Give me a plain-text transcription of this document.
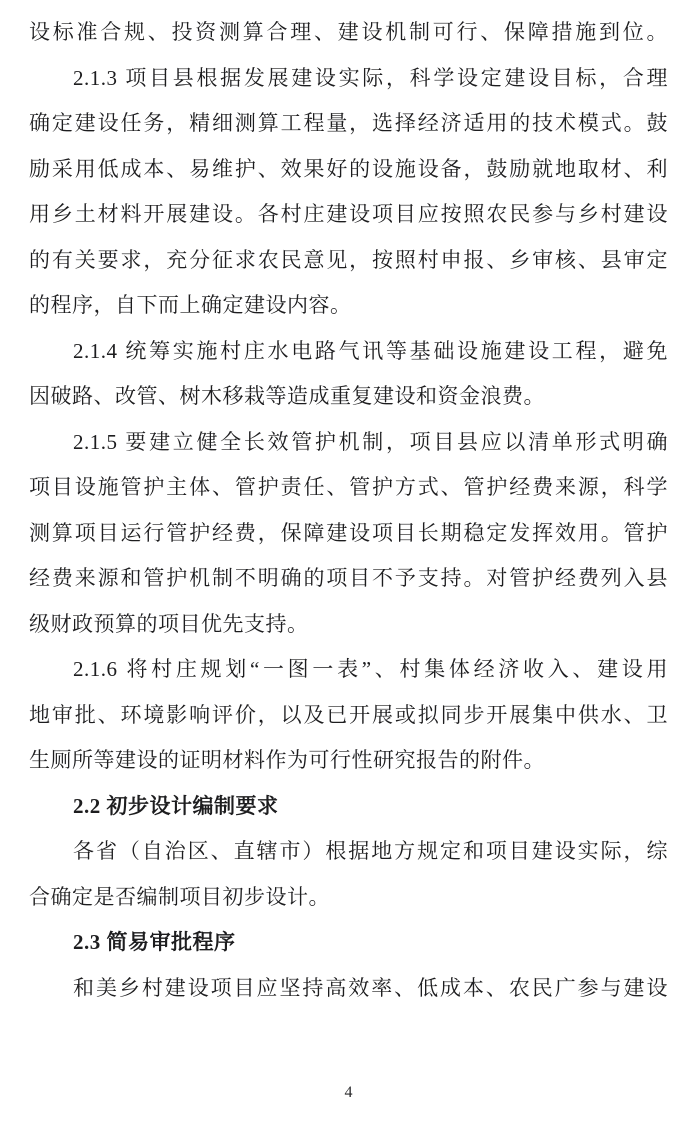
设标准合规、投资测算合理、建设机制可行、保障措施到位。
2.1.3 项目县根据发展建设实际，科学设定建设目标，合理
确定建设任务，精细测算工程量，选择经济适用的技术模式。鼓
励采用低成本、易维护、效果好的设施设备，鼓励就地取材、利
用乡土材料开展建设。各村庄建设项目应按照农民参与乡村建设
的有关要求，充分征求农民意见，按照村申报、乡审核、县审定
的程序，自下而上确定建设内容。
2.1.4 统筹实施村庄水电路气讯等基础设施建设工程，避免
因破路、改管、树木移栽等造成重复建设和资金浪费。
2.1.5 要建立健全长效管护机制，项目县应以清单形式明确
项目设施管护主体、管护责任、管护方式、管护经费来源，科学
测算项目运行管护经费，保障建设项目长期稳定发挥效用。管护
经费来源和管护机制不明确的项目不予支持。对管护经费列入县
级财政预算的项目优先支持。
2.1.6 将村庄规划“一图一表”、村集体经济收入、建设用
地审批、环境影响评价，以及已开展或拟同步开展集中供水、卫
生厕所等建设的证明材料作为可行性研究报告的附件。
2.2 初步设计编制要求
各省（自治区、直辖市）根据地方规定和项目建设实际，综
合确定是否编制项目初步设计。
2.3 简易审批程序
和美乡村建设项目应坚持高效率、低成本、农民广参与建设
4
